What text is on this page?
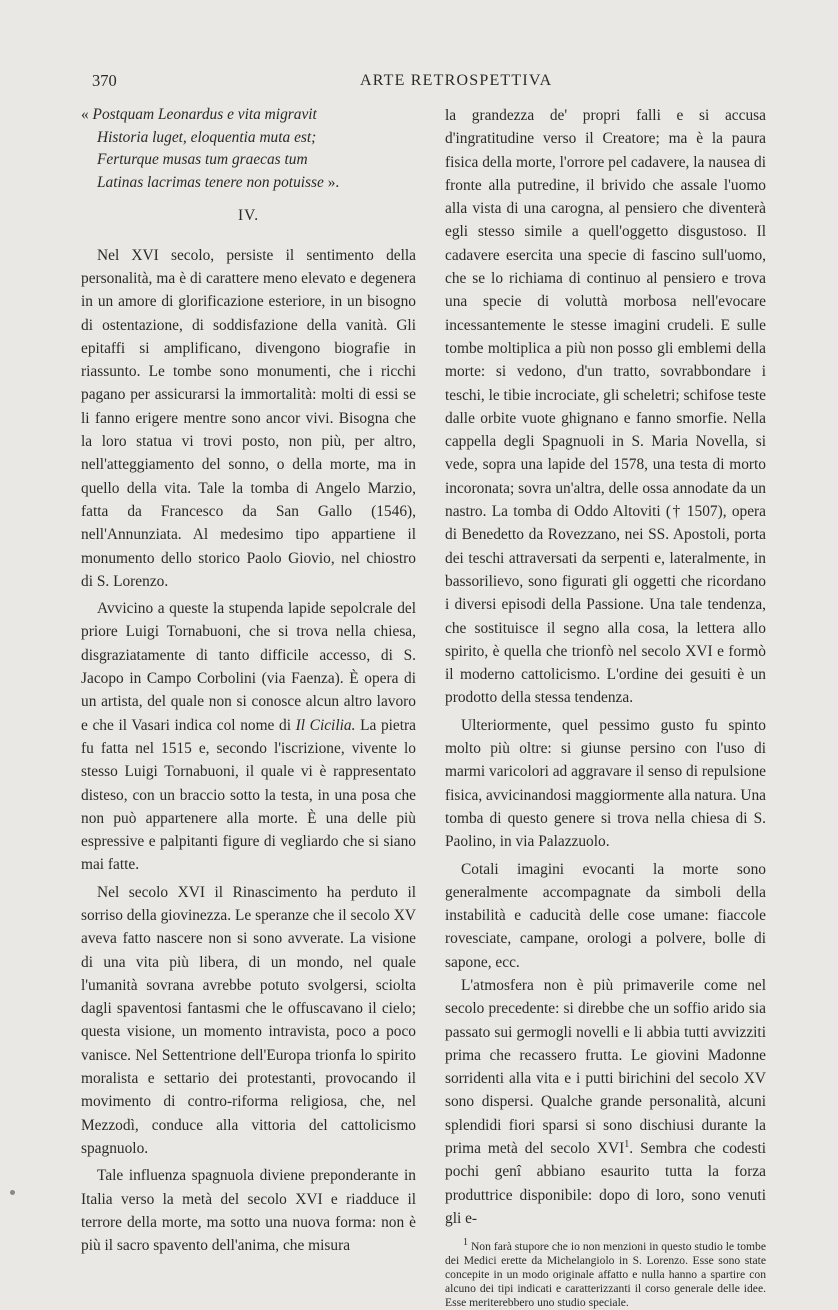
370	ARTE RETROSPETTIVA
« Postquam Leonardus e vita migravit
Historia luget, eloquentia muta est;
Ferturque musas tum graecas tum
Latinas lacrimas tenere non potuisse ».

IV.

Nel XVI secolo, persiste il sentimento della personalità, ma è di carattere meno elevato e degenera in un amore di glorificazione esteriore, in un bisogno di ostentazione, di soddisfazione della vanità. Gli epitaffi si amplificano, divengono biografie in riassunto. Le tombe sono monumenti, che i ricchi pagano per assicurarsi la immortalità: molti di essi se li fanno erigere mentre sono ancor vivi. Bisogna che la loro statua vi trovi posto, non più, per altro, nell'atteggiamento del sonno, o della morte, ma in quello della vita. Tale la tomba di Angelo Marzio, fatta da Francesco da San Gallo (1546), nell'Annunziata. Al medesimo tipo appartiene il monumento dello storico Paolo Giovio, nel chiostro di S. Lorenzo.

Avvicino a queste la stupenda lapide sepolcrale del priore Luigi Tornabuoni, che si trova nella chiesa, disgraziatamente di tanto difficile accesso, di S. Jacopo in Campo Corbolini (via Faenza). È opera di un artista, del quale non si conosce alcun altro lavoro e che il Vasari indica col nome di Il Cicilia. La pietra fu fatta nel 1515 e, secondo l'iscrizione, vivente lo stesso Luigi Tornabuoni, il quale vi è rappresentato disteso, con un braccio sotto la testa, in una posa che non può appartenere alla morte. È una delle più espressive e palpitanti figure di vegliardo che si siano mai fatte.

Nel secolo XVI il Rinascimento ha perduto il sorriso della giovinezza. Le speranze che il secolo XV aveva fatto nascere non si sono avverate. La visione di una vita più libera, di un mondo, nel quale l'umanità sovrana avrebbe potuto svolgersi, sciolta dagli spaventosi fantasmi che le offuscavano il cielo; questa visione, un momento intravista, poco a poco vanisce. Nel Settentrione dell'Europa trionfa lo spirito moralista e settario dei protestanti, provocando il movimento di contro-riforma religiosa, che, nel Mezzodì, conduce alla vittoria del cattolicismo spagnuolo.

Tale influenza spagnuola diviene preponderante in Italia verso la metà del secolo XVI e riadduce il terrore della morte, ma sotto una nuova forma: non è più il sacro spavento dell'anima, che misura

la grandezza de' propri falli e si accusa d'ingratitudine verso il Creatore; ma è la paura fisica della morte, l'orrore pel cadavere, la nausea di fronte alla putredine, il brivido che assale l'uomo alla vista di una carogna, al pensiero che diventerà egli stesso simile a quell'oggetto disgustoso. Il cadavere esercita una specie di fascino sull'uomo, che se lo richiama di continuo al pensiero e trova una specie di voluttà morbosa nell'evocare incessantemente le stesse imagini crudeli. E sulle tombe moltiplica a più non posso gli emblemi della morte: si vedono, d'un tratto, sovrabbondare i teschi, le tibie incrociate, gli scheletri; schifose teste dalle orbite vuote ghignano e fanno smorfie. Nella cappella degli Spagnuoli in S. Maria Novella, si vede, sopra una lapide del 1578, una testa di morto incoronata; sovra un'altra, delle ossa annodate da un nastro. La tomba di Oddo Altoviti († 1507), opera di Benedetto da Rovezzano, nei SS. Apostoli, porta dei teschi attraversati da serpenti e, lateralmente, in bassorilievo, sono figurati gli oggetti che ricordano i diversi episodi della Passione. Una tale tendenza, che sostituisce il segno alla cosa, la lettera allo spirito, è quella che trionfò nel secolo XVI e formò il moderno cattolicismo. L'ordine dei gesuiti è un prodotto della stessa tendenza.

Ulteriormente, quel pessimo gusto fu spinto molto più oltre: si giunse persino con l'uso di marmi varicolori ad aggravare il senso di repulsione fisica, avvicinandosi maggiormente alla natura. Una tomba di questo genere si trova nella chiesa di S. Paolino, in via Palazzuolo.

Cotali imagini evocanti la morte sono generalmente accompagnate da simboli della instabilità e caducità delle cose umane: fiaccole rovesciate, campane, orologi a polvere, bolle di sapone, ecc.

L'atmosfera non è più primaverile come nel secolo precedente: si direbbe che un soffio arido sia passato sui germogli novelli e li abbia tutti avvizziti prima che recassero frutta. Le giovini Madonne sorridenti alla vita e i putti birichini del secolo XV sono dispersi. Qualche grande personalità, alcuni splendidi fiori sparsi si sono dischiusi durante la prima metà del secolo XVI$^1$. Sembra che codesti pochi genî abbiano esaurito tutta la forza produttrice disponibile: dopo di loro, sono venuti gli e-

$^1$ Non farà stupore che io non menzioni in questo studio le tombe dei Medici erette da Michelangiolo in S. Lorenzo. Esse sono state concepite in un modo originale affatto e nulla hanno a spartire con alcuno dei tipi indicati e caratterizzanti il corso generale delle idee. Esse meriterebbero uno studio speciale.
